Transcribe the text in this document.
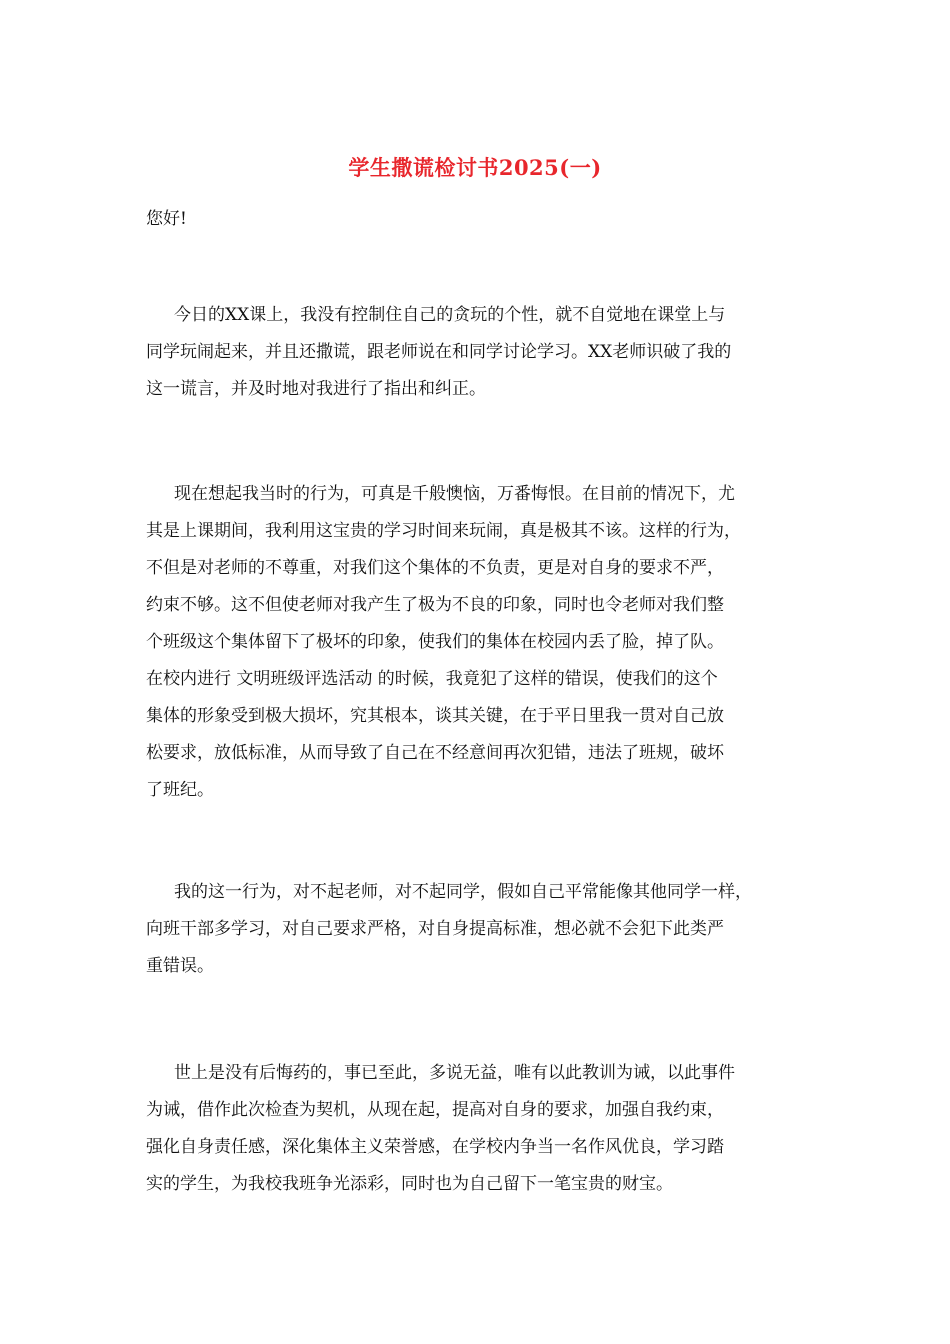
学生撒谎检讨书2025(一)
您好!
今日的XX课上，我没有控制住自己的贪玩的个性，就不自觉地在课堂上与
同学玩闹起来，并且还撒谎，跟老师说在和同学讨论学习。XX老师识破了我的
这一谎言，并及时地对我进行了指出和纠正。
现在想起我当时的行为，可真是千般懊恼，万番悔恨。在目前的情况下，尤
其是上课期间，我利用这宝贵的学习时间来玩闹，真是极其不该。这样的行为，
不但是对老师的不尊重，对我们这个集体的不负责，更是对自身的要求不严，
约束不够。这不但使老师对我产生了极为不良的印象，同时也令老师对我们整
个班级这个集体留下了极坏的印象，使我们的集体在校园内丢了脸，掉了队。
在校内进行 文明班级评选活动 的时候，我竟犯了这样的错误，使我们的这个
集体的形象受到极大损坏，究其根本，谈其关键，在于平日里我一贯对自己放
松要求，放低标准，从而导致了自己在不经意间再次犯错，违法了班规，破坏
了班纪。
我的这一行为，对不起老师，对不起同学，假如自己平常能像其他同学一样，
向班干部多学习，对自己要求严格，对自身提高标准，想必就不会犯下此类严
重错误。
世上是没有后悔药的，事已至此，多说无益，唯有以此教训为诫，以此事件
为诫，借作此次检查为契机，从现在起，提高对自身的要求，加强自我约束，
强化自身责任感，深化集体主义荣誉感，在学校内争当一名作风优良，学习踏
实的学生，为我校我班争光添彩，同时也为自己留下一笔宝贵的财宝。
